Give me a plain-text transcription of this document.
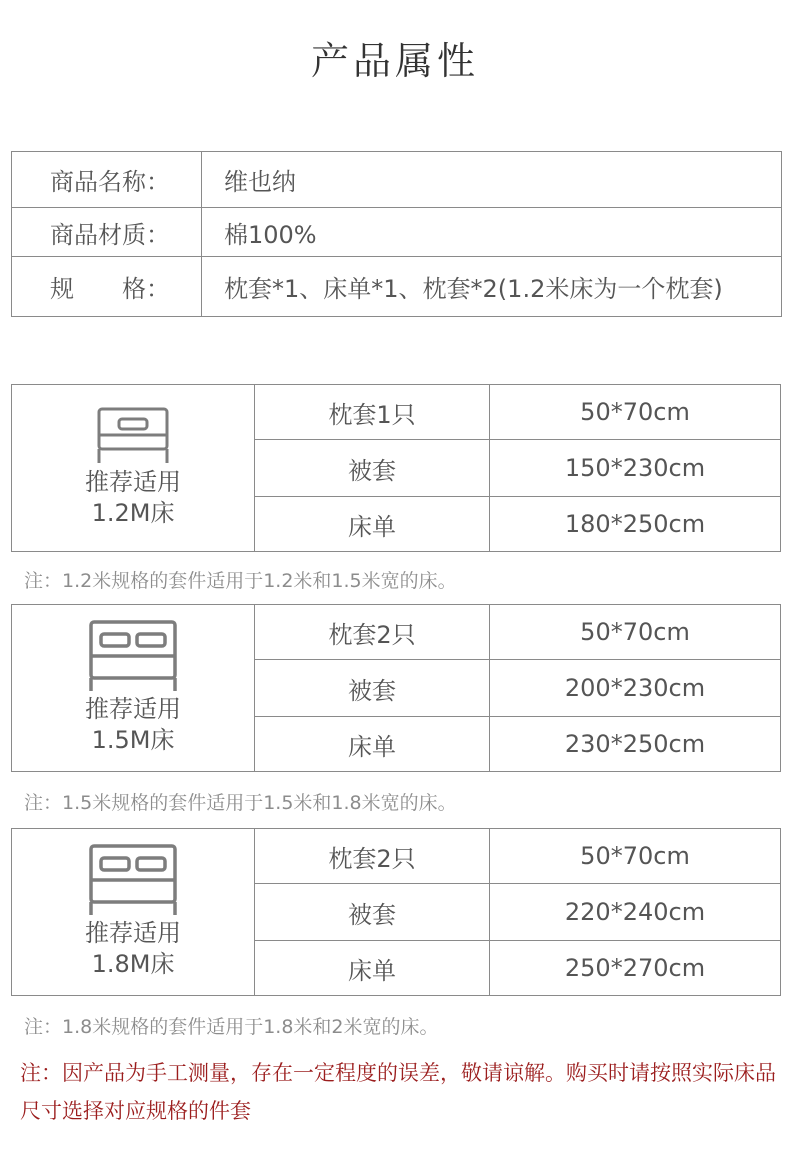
产品属性
商品名称：	维也纳
商品材质：	棉100%
规　　格：	枕套*1、床单*1、枕套*2(1.2米床为一个枕套)
推荐适用
1.2M床	枕套1只	50*70cm
	被套	150*230cm
	床单	180*250cm
注：1.2米规格的套件适用于1.2米和1.5米宽的床。
推荐适用
1.5M床	枕套2只	50*70cm
	被套	200*230cm
	床单	230*250cm
注：1.5米规格的套件适用于1.5米和1.8米宽的床。
推荐适用
1.8M床	枕套2只	50*70cm
	被套	220*240cm
	床单	250*270cm
注：1.8米规格的套件适用于1.8米和2米宽的床。
注：因产品为手工测量，存在一定程度的误差，敬请谅解。购买时请按照实际床品尺寸选择对应规格的件套
